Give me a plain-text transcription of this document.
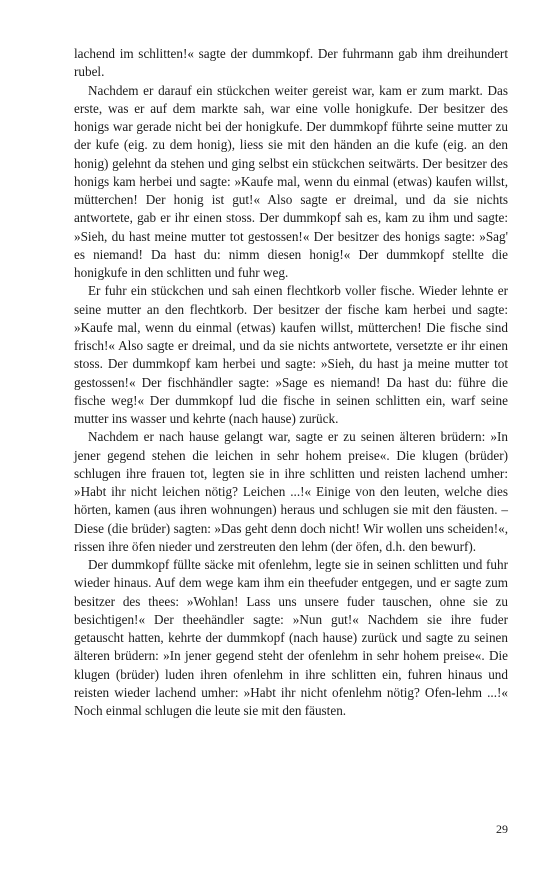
lachend im schlitten!« sagte der dummkopf. Der fuhrmann gab ihm dreihundert rubel.

Nachdem er darauf ein stückchen weiter gereist war, kam er zum markt. Das erste, was er auf dem markte sah, war eine volle honigkufe. Der besitzer des honigs war gerade nicht bei der honigkufe. Der dummkopf führte seine mutter zu der kufe (eig. zu dem honig), liess sie mit den händen an die kufe (eig. an den honig) gelehnt da stehen und ging selbst ein stückchen seitwärts. Der besitzer des honigs kam herbei und sagte: »Kaufe mal, wenn du einmal (etwas) kaufen willst, mütterchen! Der honig ist gut!« Also sagte er dreimal, und da sie nichts antwortete, gab er ihr einen stoss. Der dummkopf sah es, kam zu ihm und sagte: »Sieh, du hast meine mutter tot gestossen!« Der besitzer des honigs sagte: »Sag' es niemand! Da hast du: nimm diesen honig!« Der dummkopf stellte die honigkufe in den schlitten und fuhr weg.

Er fuhr ein stückchen und sah einen flechtkorb voller fische. Wieder lehnte er seine mutter an den flechtkorb. Der besitzer der fische kam herbei und sagte: »Kaufe mal, wenn du einmal (etwas) kaufen willst, mütterchen! Die fische sind frisch!« Also sagte er dreimal, und da sie nichts antwortete, versetzte er ihr einen stoss. Der dummkopf kam herbei und sagte: »Sieh, du hast ja meine mutter tot gestossen!« Der fischhändler sagte: »Sage es niemand! Da hast du: führe die fische weg!« Der dummkopf lud die fische in seinen schlitten ein, warf seine mutter ins wasser und kehrte (nach hause) zurück.

Nachdem er nach hause gelangt war, sagte er zu seinen älteren brüdern: »In jener gegend stehen die leichen in sehr hohem preise«. Die klugen (brüder) schlugen ihre frauen tot, legten sie in ihre schlitten und reisten lachend umher: »Habt ihr nicht leichen nötig? Leichen ...!« Einige von den leuten, welche dies hörten, kamen (aus ihren wohnungen) heraus und schlugen sie mit den fäusten. – Diese (die brüder) sagten: »Das geht denn doch nicht! Wir wollen uns scheiden!«, rissen ihre öfen nieder und zerstreuten den lehm (der öfen, d.h. den bewurf).

Der dummkopf füllte säcke mit ofenlehm, legte sie in seinen schlitten und fuhr wieder hinaus. Auf dem wege kam ihm ein theefuder entgegen, und er sagte zum besitzer des thees: »Wohlan! Lass uns unsere fuder tauschen, ohne sie zu besichtigen!« Der theehändler sagte: »Nun gut!« Nachdem sie ihre fuder getauscht hatten, kehrte der dummkopf (nach hause) zurück und sagte zu seinen älteren brüdern: »In jener gegend steht der ofenlehm in sehr hohem preise«. Die klugen (brüder) luden ihren ofenlehm in ihre schlitten ein, fuhren hinaus und reisten wieder lachend umher: »Habt ihr nicht ofenlehm nötig? Ofen-lehm ...!« Noch einmal schlugen die leute sie mit den fäusten.

29
